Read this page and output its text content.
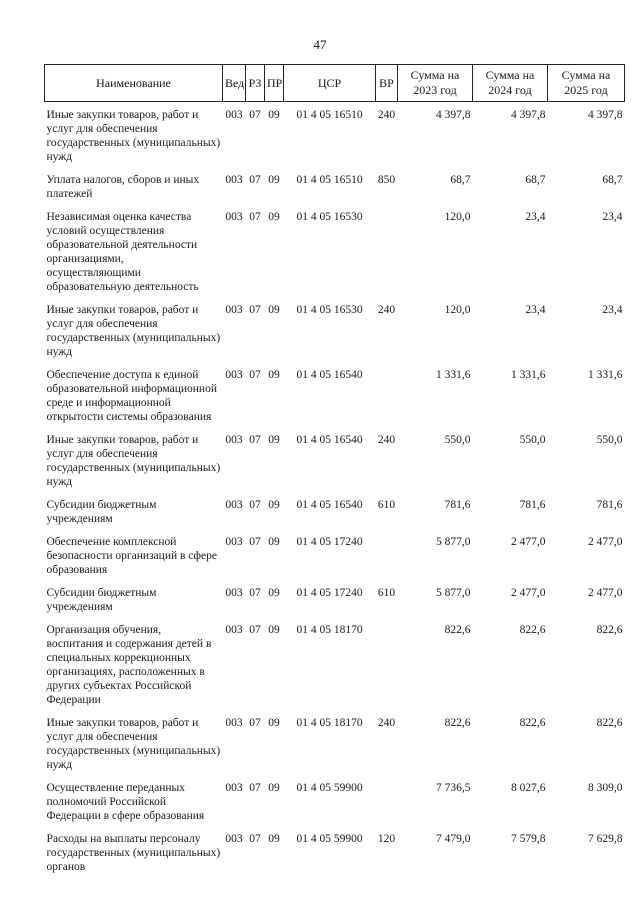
47
Наименование	Вед	РЗ	ПР	ЦСР	ВР	Сумма на 2023 год	Сумма на 2024 год	Сумма на 2025 год
Иные закупки товаров, работ и услуг для обеспечения государственных (муниципальных) нужд	003	07	09	01 4 05 16510	240	4 397,8	4 397,8	4 397,8
Уплата налогов, сборов и иных платежей	003	07	09	01 4 05 16510	850	68,7	68,7	68,7
Независимая оценка качества условий осуществления образовательной деятельности организациями, осуществляющими образовательную деятельность	003	07	09	01 4 05 16530		120,0	23,4	23,4
Иные закупки товаров, работ и услуг для обеспечения государственных (муниципальных) нужд	003	07	09	01 4 05 16530	240	120,0	23,4	23,4
Обеспечение доступа к единой образовательной информационной среде и информационной открытости системы образования	003	07	09	01 4 05 16540		1 331,6	1 331,6	1 331,6
Иные закупки товаров, работ и услуг для обеспечения государственных (муниципальных) нужд	003	07	09	01 4 05 16540	240	550,0	550,0	550,0
Субсидии бюджетным учреждениям	003	07	09	01 4 05 16540	610	781,6	781,6	781,6
Обеспечение комплексной безопасности организаций в сфере образования	003	07	09	01 4 05 17240		5 877,0	2 477,0	2 477,0
Субсидии бюджетным учреждениям	003	07	09	01 4 05 17240	610	5 877,0	2 477,0	2 477,0
Организация обучения, воспитания и содержания детей в специальных коррекционных организациях, расположенных в других субъектах Российской Федерации	003	07	09	01 4 05 18170		822,6	822,6	822,6
Иные закупки товаров, работ и услуг для обеспечения государственных (муниципальных) нужд	003	07	09	01 4 05 18170	240	822,6	822,6	822,6
Осуществление переданных полномочий Российской Федерации в сфере образования	003	07	09	01 4 05 59900		7 736,5	8 027,6	8 309,0
Расходы на выплаты персоналу государственных (муниципальных) органов	003	07	09	01 4 05 59900	120	7 479,0	7 579,8	7 629,8
